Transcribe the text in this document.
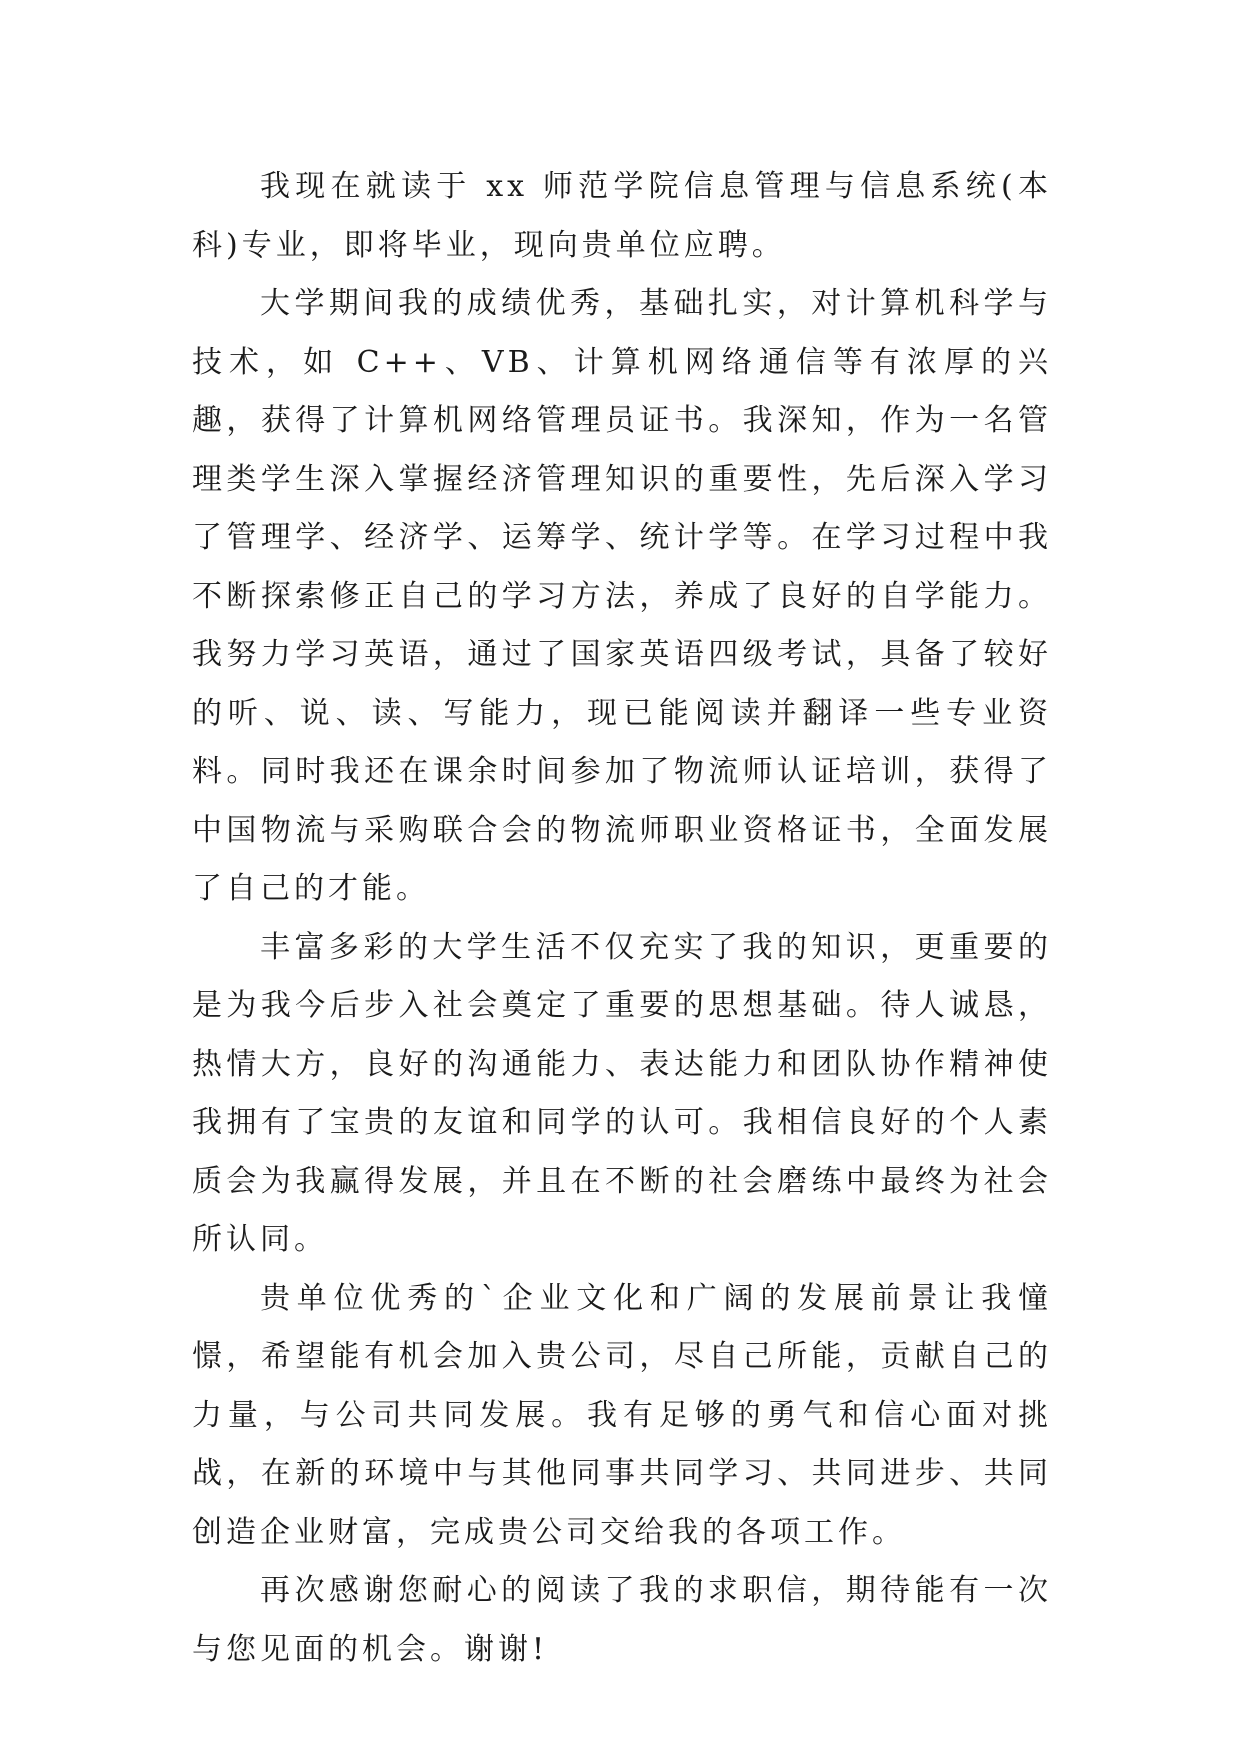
我现在就读于 xx 师范学院信息管理与信息系统(本科)专业，即将毕业，现向贵单位应聘。

大学期间我的成绩优秀，基础扎实，对计算机科学与技术，如 C++、VB、计算机网络通信等有浓厚的兴趣，获得了计算机网络管理员证书。我深知，作为一名管理类学生深入掌握经济管理知识的重要性，先后深入学习了管理学、经济学、运筹学、统计学等。在学习过程中我不断探索修正自己的学习方法，养成了良好的自学能力。我努力学习英语，通过了国家英语四级考试，具备了较好的听、说、读、写能力，现已能阅读并翻译一些专业资料。同时我还在课余时间参加了物流师认证培训，获得了中国物流与采购联合会的物流师职业资格证书，全面发展了自己的才能。

丰富多彩的大学生活不仅充实了我的知识，更重要的是为我今后步入社会奠定了重要的思想基础。待人诚恳，热情大方，良好的沟通能力、表达能力和团队协作精神使我拥有了宝贵的友谊和同学的认可。我相信良好的个人素质会为我赢得发展，并且在不断的社会磨练中最终为社会所认同。

贵单位优秀的`企业文化和广阔的发展前景让我憧憬，希望能有机会加入贵公司，尽自己所能，贡献自己的力量，与公司共同发展。我有足够的勇气和信心面对挑战，在新的环境中与其他同事共同学习、共同进步、共同创造企业财富，完成贵公司交给我的各项工作。

再次感谢您耐心的阅读了我的求职信，期待能有一次与您见面的机会。谢谢!
